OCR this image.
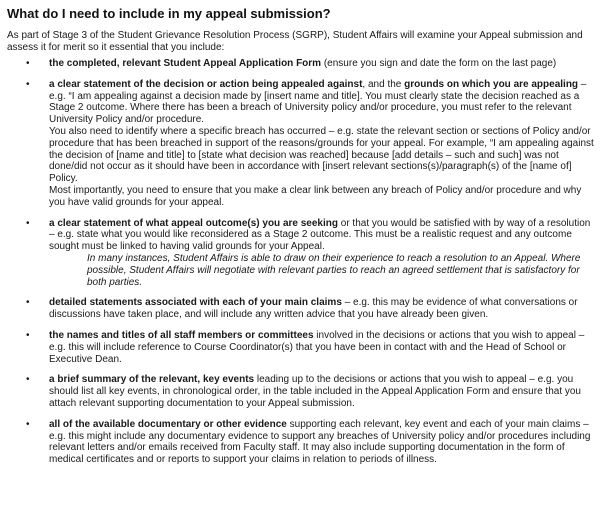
What do I need to include in my appeal submission?

As part of Stage 3 of the Student Grievance Resolution Process (SGRP), Student Affairs will examine your Appeal submission and assess it for merit so it essential that you include:

• the completed, relevant Student Appeal Application Form (ensure you sign and date the form on the last page)

• a clear statement of the decision or action being appealed against, and the grounds on which you are appealing – e.g. “I am appealing against a decision made by [insert name and title]. You must clearly state the decision reached as a Stage 2 outcome. Where there has been a breach of University policy and/or procedure, you must refer to the relevant University Policy and/or procedure.

You also need to identify where a specific breach has occurred – e.g. state the relevant section or sections of Policy and/or procedure that has been breached in support of the reasons/grounds for your appeal. For example, “I am appealing against the decision of [name and title] to [state what decision was reached] because [add details – such and such] was not done/did not occur as it should have been in accordance with [insert relevant sections(s)/paragraph(s) of the [name of] Policy.

Most importantly, you need to ensure that you make a clear link between any breach of Policy and/or procedure and why you have valid grounds for your appeal.

• a clear statement of what appeal outcome(s) you are seeking or that you would be satisfied with by way of a resolution – e.g. state what you would like reconsidered as a Stage 2 outcome. This must be a realistic request and any outcome sought must be linked to having valid grounds for your Appeal.

In many instances, Student Affairs is able to draw on their experience to reach a resolution to an Appeal. Where possible, Student Affairs will negotiate with relevant parties to reach an agreed settlement that is satisfactory for both parties.

• detailed statements associated with each of your main claims – e.g. this may be evidence of what conversations or discussions have taken place, and will include any written advice that you have already been given.

• the names and titles of all staff members or committees involved in the decisions or actions that you wish to appeal – e.g. this will include reference to Course Coordinator(s) that you have been in contact with and the Head of School or Executive Dean.

• a brief summary of the relevant, key events leading up to the decisions or actions that you wish to appeal – e.g. you should list all key events, in chronological order, in the table included in the Appeal Application Form and ensure that you attach relevant supporting documentation to your Appeal submission.

• all of the available documentary or other evidence supporting each relevant, key event and each of your main claims – e.g. this might include any documentary evidence to support any breaches of University policy and/or procedures including relevant letters and/or emails received from Faculty staff. It may also include supporting documentation in the form of medical certificates and or reports to support your claims in relation to periods of illness.
